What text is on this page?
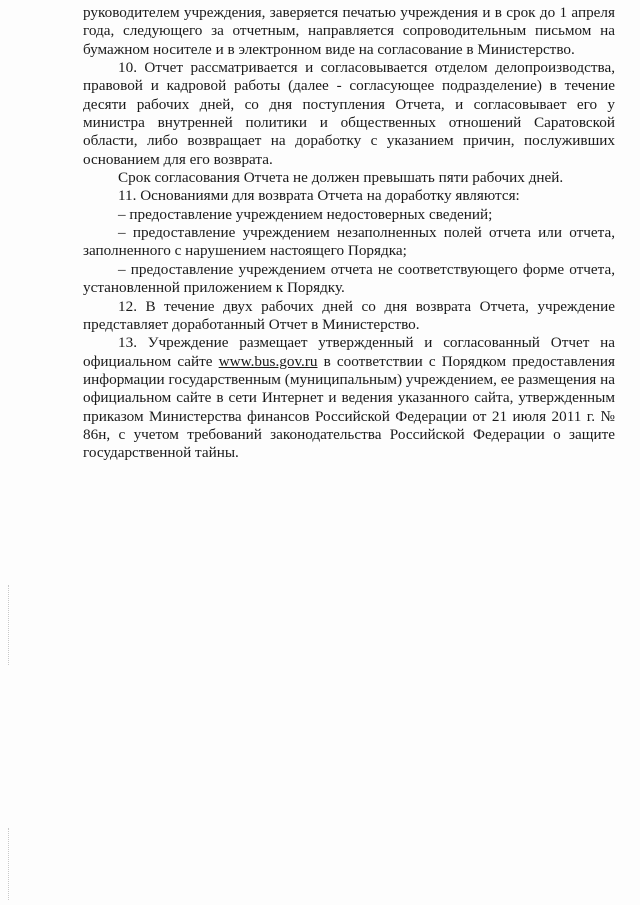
руководителем учреждения, заверяется печатью учреждения и в срок до 1 апреля года, следующего за отчетным, направляется сопроводительным письмом на бумажном носителе и в электронном виде на согласование в Министерство.

10. Отчет рассматривается и согласовывается отделом делопроизводства, правовой и кадровой работы (далее - согласующее подразделение) в течение десяти рабочих дней, со дня поступления Отчета, и согласовывает его у министра внутренней политики и общественных отношений Саратовской области, либо возвращает на доработку с указанием причин, послуживших основанием для его возврата.

Срок согласования Отчета не должен превышать пяти рабочих дней.

11. Основаниями для возврата Отчета на доработку являются:

– предоставление учреждением недостоверных сведений;

– предоставление учреждением незаполненных полей отчета или отчета, заполненного с нарушением настоящего Порядка;

– предоставление учреждением отчета не соответствующего форме отчета, установленной приложением к Порядку.

12. В течение двух рабочих дней со дня возврата Отчета, учреждение представляет доработанный Отчет в Министерство.

13. Учреждение размещает утвержденный и согласованный Отчет на официальном сайте www.bus.gov.ru в соответствии с Порядком предоставления информации государственным (муниципальным) учреждением, ее размещения на официальном сайте в сети Интернет и ведения указанного сайта, утвержденным приказом Министерства финансов Российской Федерации от 21 июля 2011 г. № 86н, с учетом требований законодательства Российской Федерации о защите государственной тайны.
